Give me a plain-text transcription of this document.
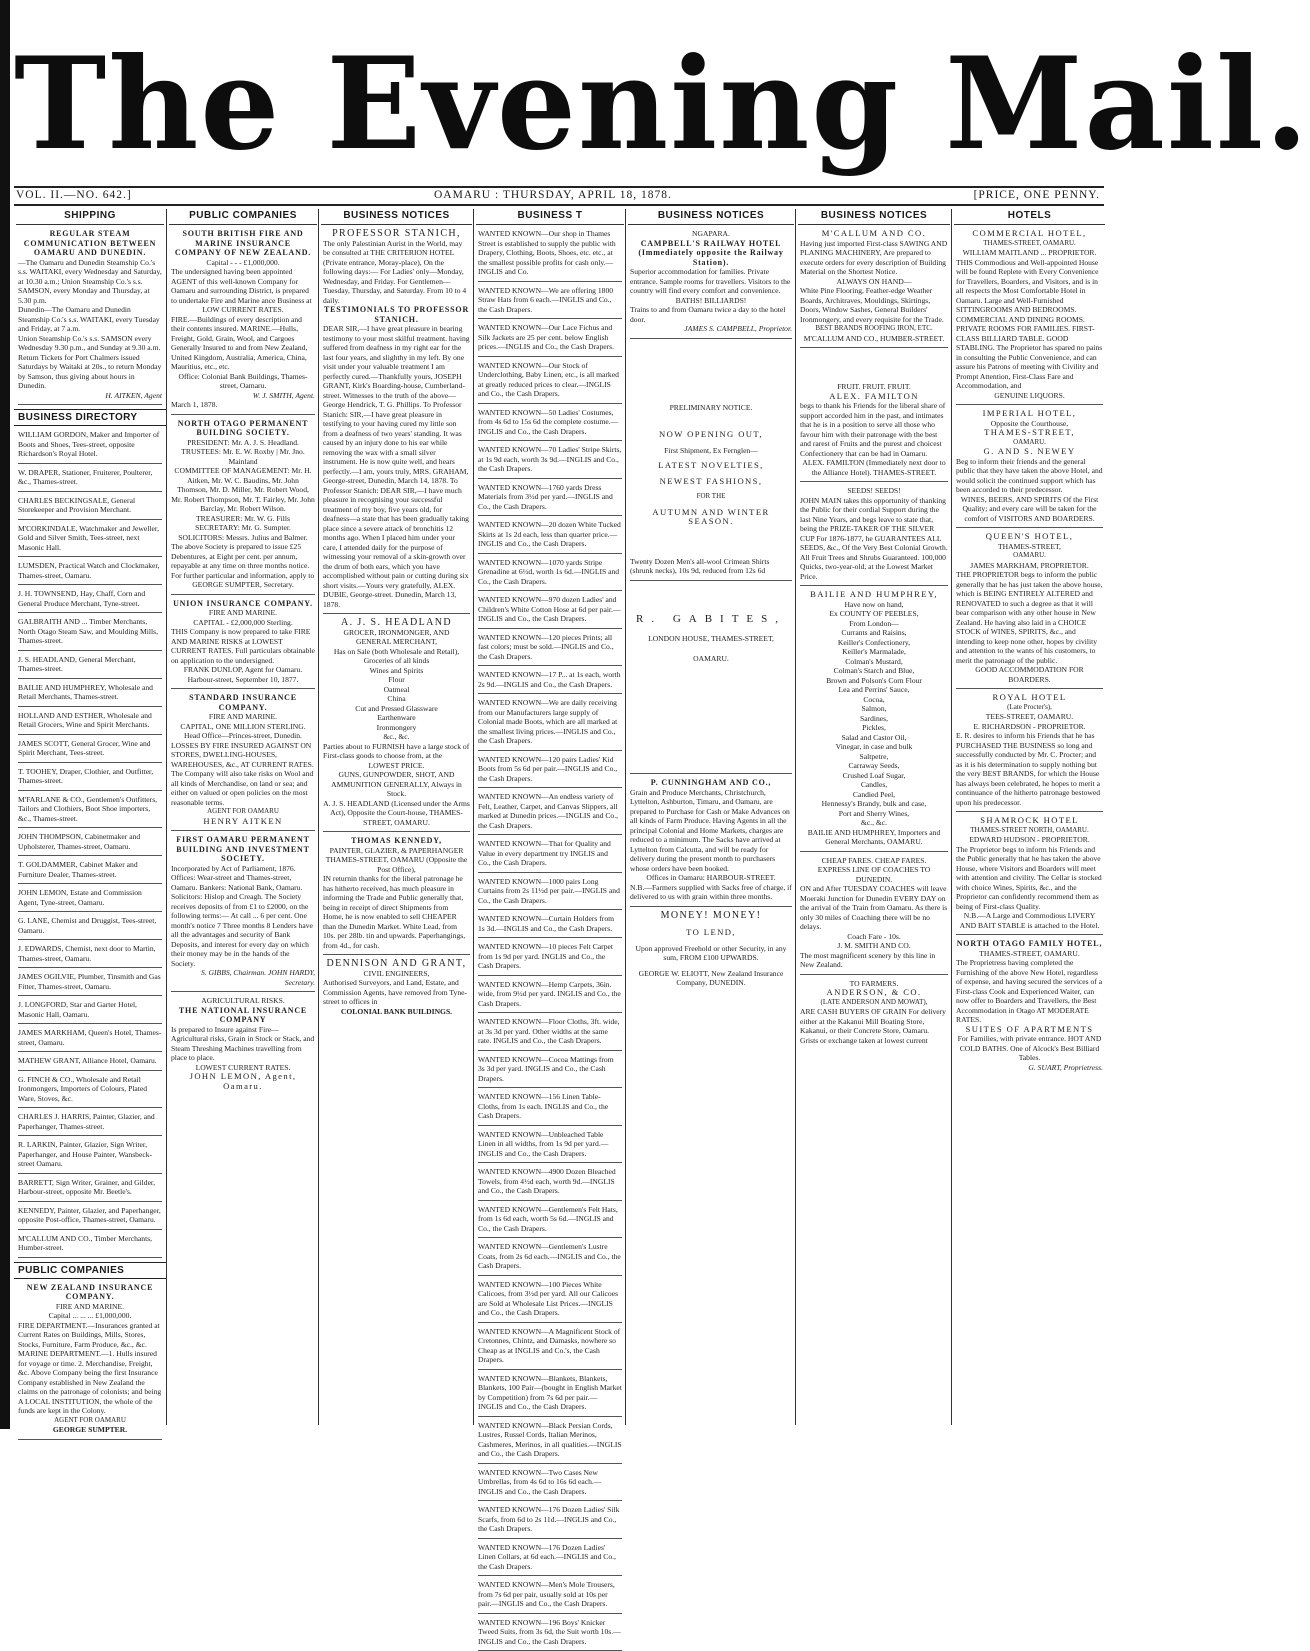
The Evening Mail.
VOL. II.—NO. 642.]	OAMARU : THURSDAY, APRIL 18, 1878.	[PRICE, ONE PENNY.
SHIPPING
REGULAR STEAM COMMUNICATION BETWEEN OAMARU AND DUNEDIN.
—The Oamaru and Dunedin Steamship Co.'s s.s. WAITAKI, every Wednesday and Saturday, at 10.30 a.m.; Union Steamship Co.'s s.s. SAMSON, every Monday and Thursday, at 5.30 p.m.
Dunedin—The Oamaru and Dunedin Steamship Co.'s s.s. WAITAKI, every Tuesday and Friday, at 7 a.m.
Union Steamship Co.'s s.s. SAMSON every Wednesday 9.30 p.m., and Sunday at 9.30 a.m.
Return Tickets for Port Chalmers issued Saturdays by Waitaki at 20s., to return Monday by Samson, thus giving about hours in Dunedin.
H. AITKEN, Agent
BUSINESS DIRECTORY
WILLIAM GORDON, Maker and Importer of Boots and Shoes, Tees-street, opposite Richardson's Royal Hotel.
W. DRAPER, Stationer, Fruiterer, Poulterer, &c., Thames-street.
CHARLES BECKINGSALE, General Storekeeper and Provision Merchant.
M'CORKINDALE, Watchmaker and Jeweller, Gold and Silver Smith, Tees-street, next Masonic Hall.
LUMSDEN, Practical Watch and Clockmaker, Thames-street, Oamaru.
J. H. TOWNSEND, Hay, Chaff, Corn and General Produce Merchant, Tyne-street.
GALBRAITH AND ... Timber Merchants, North Otago Steam Saw, and Moulding Mills, Thames-street.
J. S. HEADLAND, General Merchant, Thames-street.
BAILIE AND HUMPHREY, Wholesale and Retail Merchants, Thames-street.
HOLLAND AND ESTHER, Wholesale and Retail Grocers, Wine and Spirit Merchants.
JAMES SCOTT, General Grocer, Wine and Spirit Merchant, Tees-street.
T. TOOHEY, Draper, Clothier, and Outfitter, Thames-street.
M'FARLANE & CO., Gentlemen's Outfitters, Tailors and Clothiers, Boot Shoe importers, &c., Thames-street.
JOHN THOMPSON, Cabinetmaker and Upholsterer, Thames-street, Oamaru.
T. GOLDAMMER, Cabinet Maker and Furniture Dealer, Thames-street.
JOHN LEMON, Estate and Commission Agent, Tyne-street, Oamaru.
G. LANE, Chemist and Druggist, Tees-street, Oamaru.
J. EDWARDS, Chemist, next door to Martin, Thames-street, Oamaru.
JAMES OGILVIE, Plumber, Tinsmith and Gas Fitter, Thames-street, Oamaru.
J. LONGFORD, Star and Garter Hotel, Masonic Hall, Oamaru.
JAMES MARKHAM, Queen's Hotel, Thames-street, Oamaru.
MATHEW GRANT, Alliance Hotel, Oamaru.
G. FINCH & CO., Wholesale and Retail Ironmongers, Importers of Colours, Plated Ware, Stoves, &c.
CHARLES J. HARRIS, Painter, Glazier, and Paperhanger, Thames-street.
R. LARKIN, Painter, Glazier, Sign Writer, Paperhanger, and House Painter, Wansbeck-street Oamaru.
BARRETT, Sign Writer, Grainer, and Gilder, Harbour-street, opposite Mr. Beetle's.
KENNEDY, Painter, Glazier, and Paperhanger, opposite Post-office, Thames-street, Oamaru.
M'CALLUM AND CO., Timber Merchants, Humber-street.
PUBLIC COMPANIES
NEW ZEALAND INSURANCE COMPANY.
FIRE AND MARINE.
Capital ... ... ... £1,000,000.
FIRE DEPARTMENT.—Insurances granted at Current Rates on Buildings, Mills, Stores, Stocks, Furniture, Farm Produce, &c., &c. MARINE DEPARTMENT.—1. Hulls insured for voyage or time. 2. Merchandise, Freight, &c. Above Company being the first Insurance Company established in New Zealand the claims on the patronage of colonists; and being A LOCAL INSTITUTION, the whole of the funds are kept in the Colony.
AGENT FOR OAMARU
GEORGE SUMPTER.
PUBLIC COMPANIES
SOUTH BRITISH FIRE AND MARINE INSURANCE COMPANY OF NEW ZEALAND.
Capital - - - £1,000,000.
The undersigned having been appointed AGENT of this well-known Company for Oamaru and surrounding District, is prepared to undertake Fire and Marine ance Business at
LOW CURRENT RATES.
FIRE.—Buildings of every description and their contents insured. MARINE.—Hulls, Freight, Gold, Grain, Wool, and Cargoes Generally Insured to and from New Zealand, United Kingdom, Australia, America, China, Mauritius, etc., etc.
Office: Colonial Bank Buildings, Thames-street, Oamaru.
W. J. SMITH, Agent.
March 1, 1878.
NORTH OTAGO PERMANENT BUILDING SOCIETY.
PRESIDENT: Mr. A. J. S. Headland.
TRUSTEES: Mr. E. W. Roxby | Mr. Jno. Mainland
COMMITTEE OF MANAGEMENT: Mr. H. Aitken, Mr. W. C. Baudins, Mr. John Thomson, Mr. D. Miller, Mr. Robert Wood, Mr. Robert Thompson, Mr. T. Fairley, Mr. John Barclay, Mr. Robert Wilson.
TREASURER: Mr. W. G. Fills
SECRETARY: Mr. G. Sumpter.
SOLICITORS: Messrs. Julius and Balmer.
The above Society is prepared to issue £25 Debentures, at Eight per cent. per annum, repayable at any time on three months notice. For further particular and information, apply to
GEORGE SUMPTER, Secretary.
UNION INSURANCE COMPANY.
FIRE AND MARINE.
CAPITAL - £2,000,000 Sterling.
THIS Company is now prepared to take FIRE AND MARINE RISKS at LOWEST CURRENT RATES. Full particulars obtainable on application to the undersigned.
FRANK DUNLOP, Agent for Oamaru. Harbour-street, September 10, 1877.
STANDARD INSURANCE COMPANY.
FIRE AND MARINE.
CAPITAL, ONE MILLION STERLING.
Head Office—Princes-street, Dunedin.
LOSSES BY FIRE INSURED AGAINST ON STORES, DWELLING-HOUSES, WAREHOUSES, &c., AT CURRENT RATES. The Company will also take risks on Wool and all kinds of Merchandise, on land or sea; and either on valued or open policies on the most reasonable terms.
AGENT FOR OAMARU
HENRY AITKEN
FIRST OAMARU PERMANENT BUILDING AND INVESTMENT SOCIETY.
Incorporated by Act of Parliament, 1876. Offices: Wear-street and Thames-street, Oamaru. Bankers: National Bank, Oamaru. Solicitors: Hislop and Creagh. The Society receives deposits of from £1 to £2000, on the following terms:— At call ... 6 per cent. One month's notice 7 Three months 8 Lenders have all the advantages and security of Bank Deposits, and interest for every day on which their money may be in the hands of the Society.
S. GIBBS, Chairman. JOHN HARDY, Secretary.
AGRICULTURAL RISKS.
THE NATIONAL INSURANCE COMPANY
Is prepared to Insure against Fire—Agricultural risks, Grain in Stock or Stack, and Steam Threshing Machines travelling from place to place.
LOWEST CURRENT RATES.
JOHN LEMON, Agent, Oamaru.
BUSINESS NOTICES
PROFESSOR STANICH,
The only Palestinian Aurist in the World, may be consulted at THE CRITERION HOTEL (Private entrance, Moray-place), On the following days:— For Ladies' only—Monday, Wednesday, and Friday. For Gentlemen—Tuesday, Thursday, and Saturday. From 10 to 4 daily.
TESTIMONIALS TO PROFESSOR STANICH.
DEAR SIR,—I have great pleasure in bearing testimony to your most skilful treatment. having suffered from deafness in my right ear for the last four years, and slighthy in my left. By one visit under your valuable treatment I am perfectly cured.—Thankfully yours, JOSEPH GRANT, Kirk's Boarding-house, Cumberland-street. Witnesses to the truth of the above—George Hendrick, T. G. Phillips. To Professor Stanich: SIR,—I have great pleasure in testifying to your having cured my little son from a deafness of two years' standing. It was caused by an injury done to his ear while removing the wax with a small silver instrument. He is now quite well, and hears perfectly.—I am, yours truly, MRS. GRAHAM, George-street, Dunedin, March 14, 1878. To Professor Stanich: DEAR SIR,—I have much pleasure in recognising your successful treatment of my boy, five years old, for deafness—a state that has been gradually taking place since a severe attack of bronchitis 12 months ago. When I placed him under your care, I attended daily for the purpose of witnessing your removal of a skin-growth over the drum of both ears, which you have accomplished without pain or cutting during six short visits.—Yours very gratefully, ALEX. DUBIE, George-street. Dunedin, March 13, 1878.
A. J. S. HEADLAND
GROCER, IRONMONGER, AND
GENERAL MERCHANT,
Has on Sale (both Wholesale and Retail),
Groceries of all kinds
Wines and Spirits
Flour
Oatmeal
China
Cut and Pressed Glassware
Earthenware
Ironmongery
&c., &c.
Parties about to FURNISH have a large stock of First-class goods to choose from, at the
LOWEST PRICE.
GUNS, GUNPOWDER, SHOT, AND AMMUNITION GENERALLY, Always in Stock.
A. J. S. HEADLAND (Licensed under the Arms Act), Opposite the Court-house, THAMES-STREET, OAMARU.
THOMAS KENNEDY,
PAINTER, GLAZIER, & PAPERHANGER THAMES-STREET, OAMARU (Opposite the Post Office),
IN returnin thanks for the liberal patronage he has hitherto received, has much pleasure in informing the Trade and Public generally that, being in receipt of direct Shipments from Home, he is now enabled to sell CHEAPER than the Dunedin Market. White Lead, from 10s. per 28lb. tin and upwards. Paperhangings, from 4d., for cash.
DENNISON AND GRANT,
CIVIL ENGINEERS,
Authorised Surveyors, and Land, Estate, and Commission Agents, have removed from Tyne-street to offices in
COLONIAL BANK BUILDINGS.
BUSINESS T
WANTED KNOWN—Our shop in Thames Street is established to supply the public with Drapery, Clothing, Boots, Shoes, etc. etc., at the smallest possible profits for cash only.—INGLIS and Co.
WANTED KNOWN—We are offering 1800 Straw Hats from 6 each.—INGLIS and Co., the Cash Drapers.
WANTED KNOWN—Our Lace Fichus and Silk Jackets are 25 per cent. below English prices.—INGLIS and Co., the Cash Drapers.
WANTED KNOWN—Our Stock of Underclothing, Baby Linen, etc., is all marked at greatly reduced prices to clear.—INGLIS and Co., the Cash Drapers.
WANTED KNOWN—50 Ladies' Costumes, from 4s 6d to 15s 6d the complete costume.—INGLIS and Co., the Cash Drapers.
WANTED KNOWN—70 Ladies' Stripe Skirts, at 1s 9d each, worth 3s 9d.—INGLIS and Co., the Cash Drapers.
WANTED KNOWN—1760 yards Dress Materials from 3½d per yard.—INGLIS and Co., the Cash Drapers.
WANTED KNOWN—20 dozen White Tucked Skirts at 1s 2d each, less than quarter price.—INGLIS and Co., the Cash Drapers.
WANTED KNOWN—1070 yards Stripe Grenadine at 6½d, worth 1s 6d.—INGLIS and Co., the Cash Drapers.
WANTED KNOWN—970 dozen Ladies' and Children's White Cotton Hose at 6d per pair.—INGLIS and Co., the Cash Drapers.
WANTED KNOWN—120 pieces Prints; all fast colors; must be sold.—INGLIS and Co., the Cash Drapers.
WANTED KNOWN—17 P... at 1s each, worth 2s 9d.—INGLIS and Co., the Cash Drapers.
WANTED KNOWN—We are daily receiving from our Manufacturers large supply of Colonial made Boots, which are all marked at the smallest living prices.—INGLIS and Co., the Cash Drapers.
WANTED KNOWN—120 pairs Ladies' Kid Boots from 5s 6d per pair.—INGLIS and Co., the Cash Drapers.
WANTED KNOWN—An endless variety of Felt, Leather, Carpet, and Canvas Slippers, all marked at Dunedin prices.—INGLIS and Co., the Cash Drapers.
WANTED KNOWN—That for Quality and Value in every department try INGLIS and Co., the Cash Drapers.
WANTED KNOWN—1000 pairs Long Curtains from 2s 11½d per pair.—INGLIS and Co., the Cash Drapers.
WANTED KNOWN—Curtain Holders from 1s 3d.—INGLIS and Co., the Cash Drapers.
WANTED KNOWN—10 pieces Felt Carpet from 1s 9d per yard. INGLIS and Co., the Cash Drapers.
WANTED KNOWN—Hemp Carpets, 36in. wide, from 9½d per yard. INGLIS and Co., the Cash Drapers.
WANTED KNOWN—Floor Cloths, 3ft. wide, at 3s 3d per yard. Other widths at the same rate. INGLIS and Co., the Cash Drapers.
WANTED KNOWN—Cocoa Mattings from 3s 3d per yard. INGLIS and Co., the Cash Drapers.
WANTED KNOWN—156 Linen Table-Cloths, from 1s each. INGLIS and Co., the Cash Drapers.
WANTED KNOWN—Unbleached Table Linen in all widths, from 1s 9d per yard.—INGLIS and Co., the Cash Drapers.
WANTED KNOWN—4900 Dozen Bleached Towels, from 4½d each, worth 9d.—INGLIS and Co., the Cash Drapers.
WANTED KNOWN—Gentlemen's Felt Hats, from 1s 6d each, worth 5s 6d.—INGLIS and Co., the Cash Drapers.
WANTED KNOWN—Gentlemen's Lustre Coats, from 2s 6d each.—INGLIS and Co., the Cash Drapers.
WANTED KNOWN—100 Pieces White Calicoes, from 3½d per yard. All our Calicoes are Sold at Wholesale List Prices.—INGLIS and Co., the Cash Drapers.
WANTED KNOWN—A Magnificent Stock of Cretonnes, Chintz, and Damasks, nowhere so Cheap as at INGLIS and Co.'s, the Cash Drapers.
WANTED KNOWN—Blankets, Blankets, Blankets, 100 Pair—(bought in English Market by Competition) from 7s 6d per pair.—INGLIS and Co., the Cash Drapers.
WANTED KNOWN—Black Persian Cords, Lustres, Russel Cords, Italian Merinos, Cashmeres, Merinos, in all qualities.—INGLIS and Co., the Cash Drapers.
WANTED KNOWN—Two Cases New Umbrellas, from 4s 6d to 16s 6d each.—INGLIS and Co., the Cash Drapers.
WANTED KNOWN—176 Dozen Ladies' Silk Scarfs, from 6d to 2s 11d.—INGLIS and Co., the Cash Drapers.
WANTED KNOWN—176 Dozen Ladies' Linen Collars, at 6d each.—INGLIS and Co., the Cash Drapers.
WANTED KNOWN—Men's Mole Trousers, from 7s 6d per pair, usually sold at 10s per pair.—INGLIS and Co., the Cash Drapers.
WANTED KNOWN—196 Boys' Knicker Tweed Suits, from 3s 6d, the Suit worth 10s.—INGLIS and Co., the Cash Drapers.
BUSINESS NOTICES
NGAPARA.
CAMPBELL'S RAILWAY HOTEL (Immediately opposite the Railway Station).
Superior accommodation for families. Private entrance. Sample rooms for travellers. Visitors to the country will find every comfort and convenience.
BATHS! BILLIARDS!
Trains to and from Oamaru twice a day to the hotel door.
JAMES S. CAMPBELL, Proprietor.
PRELIMINARY NOTICE.
NOW OPENING OUT,
First Shipment, Ex Fernglen—
LATEST NOVELTIES,
NEWEST FASHIONS,
FOR THE
AUTUMN AND WINTER SEASON.
Twenty Dozen Men's all-wool Crimean Shirts (shrunk necks), 10s 9d, reduced from 12s 6d
R. GABITES,
LONDON HOUSE, THAMES-STREET,
OAMARU.
P. CUNNINGHAM AND CO.,
Grain and Produce Merchants, Christchurch, Lyttelton, Ashburton, Timaru, and Oamaru, are prepared to Purchase for Cash or Make Advances on all kinds of Farm Produce. Having Agents in all the principal Colonial and Home Markets, charges are reduced to a minimum. The Sacks have arrived at Lyttelton from Calcutta, and will be ready for delivery during the present month to purchasers whose orders have been booked.
Offices in Oamaru: HARBOUR-STREET.
N.B.—Farmers supplied with Sacks free of charge, if delivered to us with grain within three months.
MONEY! MONEY!
TO LEND,
Upon approved Freehold or other Security, in any sum, FROM £100 UPWARDS.
GEORGE W. ELIOTT, New Zealand Insurance Company, DUNEDIN.
BUSINESS NOTICES
M'CALLUM AND CO.
Having just imported First-class SAWING AND PLANING MACHINERY, Are prepared to execute orders for every description of Building Material on the Shortest Notice.
ALWAYS ON HAND—
White Pine Flooring, Feather-edge Weather Boards, Architraves, Mouldings, Skirtings, Doors, Window Sashes, General Builders' Ironmongery, and every requisite for the Trade.
BEST BRANDS ROOFING IRON, ETC.
M'CALLUM AND CO., HUMBER-STREET.
FRUIT. FRUIT. FRUIT.
ALEX. FAMILTON
begs to thank his Friends for the liberal share of support accorded him in the past, and intimates that he is in a position to serve all those who favour him with their patronage with the best and rarest of Fruits and the purest and choicest Confectionery that can be had in Oamaru.
ALEX. FAMILTON (Immediately next door to the Alliance Hotel). THAMES-STREET.
SEEDS! SEEDS!
JOHN MAIN takes this opportunity of thanking the Public for their cordial Support during the last Nine Years, and begs leave to state that, being the PRIZE-TAKER OF THE SILVER CUP For 1876-1877, he GUARANTEES ALL SEEDS, &c., Of the Very Best Colonial Growth. All Fruit Trees and Shrubs Guaranteed. 100,000 Quicks, two-year-old, at the Lowest Market Price.
BAILIE AND HUMPHREY,
Have now on hand,
Ex COUNTY OF PEEBLES,
From London—
Currants and Raisins,
Keiller's Confectionery,
Keiller's Marmalade,
Colman's Mustard,
Colman's Starch and Blue,
Brown and Polson's Corn Flour
Lea and Perrins' Sauce,
Cocoa,
Salmon,
Sardines,
Pickles,
Salad and Castor Oil,
Vinegar, in case and bulk
Saltpetre,
Carraway Seeds,
Crushed Loaf Sugar,
Candles,
Candied Peel,
Hennessy's Brandy, bulk and case,
Port and Sherry Wines,
&c., &c.
BAILIE AND HUMPHREY, Importers and General Merchants, OAMARU.
CHEAP FARES. CHEAP FARES.
EXPRESS LINE OF COACHES TO DUNEDIN.
ON and After TUESDAY COACHES will leave Moeraki Junction for Dunedin EVERY DAY on the arrival of the Train from Oamaru. As there is only 30 miles of Coaching there will be no delays.
Coach Fare - 10s.
J. M. SMITH AND CO.
The most magnificent scenery by this line in New Zealand.
TO FARMERS.
ANDERSON, & CO.
(LATE ANDERSON AND MOWAT),
ARE CASH BUYERS OF GRAIN For delivery either at the Kakanui Mill Boating Store, Kakanui, or their Concrete Store, Oamaru. Grists or exchange taken at lowest current
HOTELS
COMMERCIAL HOTEL,
THAMES-STREET, OAMARU.
WILLIAM MAITLAND ... PROPRIETOR.
THIS Commodious and Well-appointed House will be found Replete with Every Convenience for Travellers, Boarders, and Visitors, and is in all respects the Most Comfortable Hotel in Oamaru. Large and Well-Furnished SITTINGROOMS AND BEDROOMS. COMMERCIAL AND DINING ROOMS. PRIVATE ROOMS FOR FAMILIES. FIRST-CLASS BILLIARD TABLE. GOOD STABLING. The Proprietor has spared no pains in consulting the Public Convenience, and can assure his Patrons of meeting with Civility and Prompt Attention, First-Class Fare and Accommodation, and
GENUINE LIQUORS.
IMPERIAL HOTEL,
Opposite the Courthouse,
THAMES-STREET,
OAMARU.
G. AND S. NEWEY
Beg to inform their friends and the general public that they have taken the above Hotel, and would solicit the continued support which has been accorded to their predecessor.
WINES, BEERS, AND SPIRITS Of the First Quality; and every care will be taken for the comfort of VISITORS AND BOARDERS.
QUEEN'S HOTEL,
THAMES-STREET,
OAMARU.
JAMES MARKHAM, PROPRIETOR.
THE PROPRIETOR begs to inform the public generally that he has just taken the above house, which is BEING ENTIRELY ALTERED and RENOVATED to such a degree as that it will bear comparison with any other house in New Zealand. He having also laid in a CHOICE STOCK of WINES, SPIRITS, &c., and intending to keep none other, hopes by civility and attention to the wants of his customers, to merit the patronage of the public.
GOOD ACCOMMODATION FOR BOARDERS.
ROYAL HOTEL
(Late Procter's),
TEES-STREET, OAMARU.
E. RICHARDSON - PROPRIETOR.
E. R. desires to inform his Friends that he has PURCHASED THE BUSINESS so long and successfully conducted by Mr. C. Procter; and as it is his determination to supply nothing but the very BEST BRANDS, for which the House has always been celebrated, he hopes to merit a continuance of the hitherto patronage bestowed upon his predecessor.
SHAMROCK HOTEL
THAMES-STREET NORTH, OAMARU.
EDWARD HUDSON - PROPRIETOR.
The Proprietor begs to inform his Friends and the Public generally that he has taken the above House, where Visitors and Boarders will meet with attention and civility. The Cellar is stocked with choice Wines, Spirits, &c., and the Proprietor can confidently recommend them as being of First-class Quality.
N.B.—A Large and Commodious LIVERY AND BAIT STABLE is attached to the Hotel.
NORTH OTAGO FAMILY HOTEL,
THAMES-STREET, OAMARU.
The Proprietress having completed the Furnishing of the above New Hotel, regardless of expense, and having secured the services of a First-class Cook and Experienced Waiter, can now offer to Boarders and Travellers, the Best Accommodation in Otago AT MODERATE RATES.
SUITES OF APARTMENTS
For Families, with private entrance. HOT AND COLD BATHS. One of Alcock's Best Billiard Tables.
G. SUART, Proprietress.
